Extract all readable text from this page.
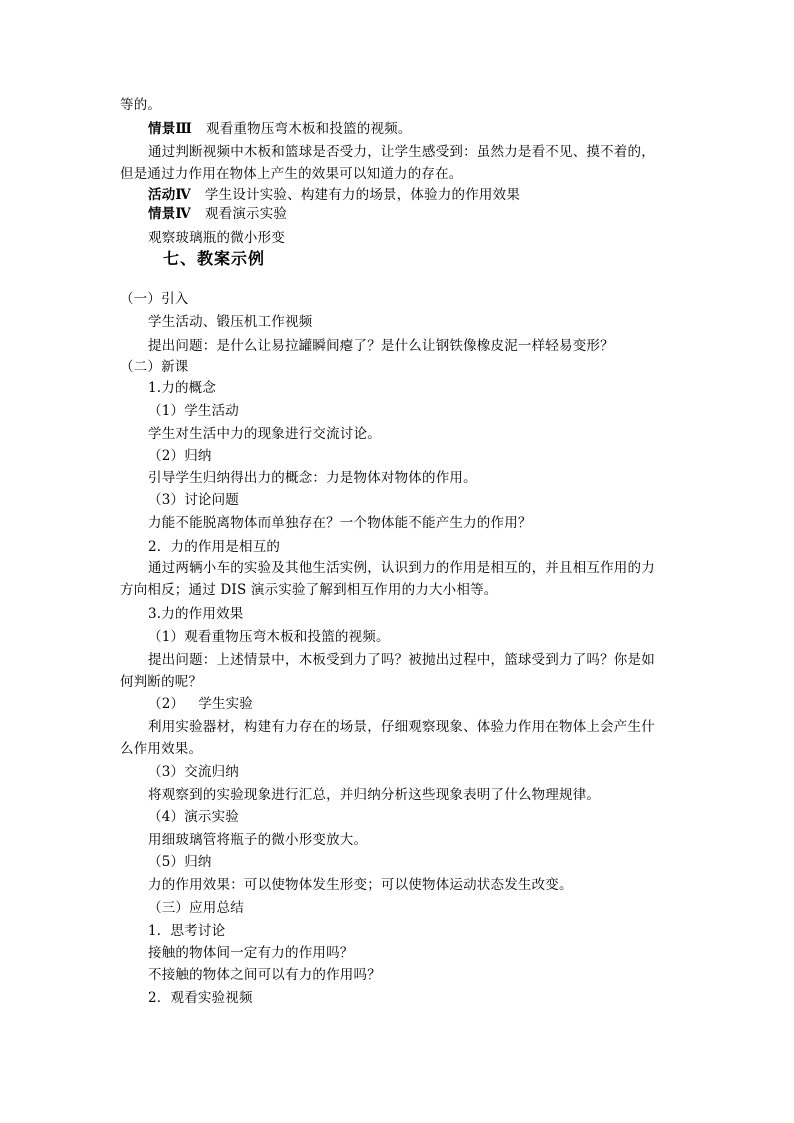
等的。
情景Ⅲ 观看重物压弯木板和投篮的视频。
通过判断视频中木板和篮球是否受力，让学生感受到：虽然力是看不见、摸不着的，
但是通过力作用在物体上产生的效果可以知道力的存在。
活动Ⅳ 学生设计实验、构建有力的场景，体验力的作用效果
情景Ⅳ 观看演示实验
观察玻璃瓶的微小形变
七、教案示例
（一）引入
学生活动、锻压机工作视频
提出问题：是什么让易拉罐瞬间瘪了？是什么让钢铁像橡皮泥一样轻易变形？
（二）新课
1.力的概念
（1）学生活动
学生对生活中力的现象进行交流讨论。
（2）归纳
引导学生归纳得出力的概念：力是物体对物体的作用。
（3）讨论问题
力能不能脱离物体而单独存在？一个物体能不能产生力的作用？
2．力的作用是相互的
通过两辆小车的实验及其他生活实例，认识到力的作用是相互的，并且相互作用的力
方向相反；通过 DIS 演示实验了解到相互作用的力大小相等。
3.力的作用效果
（1）观看重物压弯木板和投篮的视频。
提出问题：上述情景中，木板受到力了吗？被抛出过程中，篮球受到力了吗？你是如
何判断的呢？
（2） 学生实验
利用实验器材，构建有力存在的场景，仔细观察现象、体验力作用在物体上会产生什
么作用效果。
（3）交流归纳
将观察到的实验现象进行汇总，并归纳分析这些现象表明了什么物理规律。
（4）演示实验
用细玻璃管将瓶子的微小形变放大。
（5）归纳
力的作用效果：可以使物体发生形变；可以使物体运动状态发生改变。
（三）应用总结
1．思考讨论
接触的物体间一定有力的作用吗？
不接触的物体之间可以有力的作用吗？
2．观看实验视频
